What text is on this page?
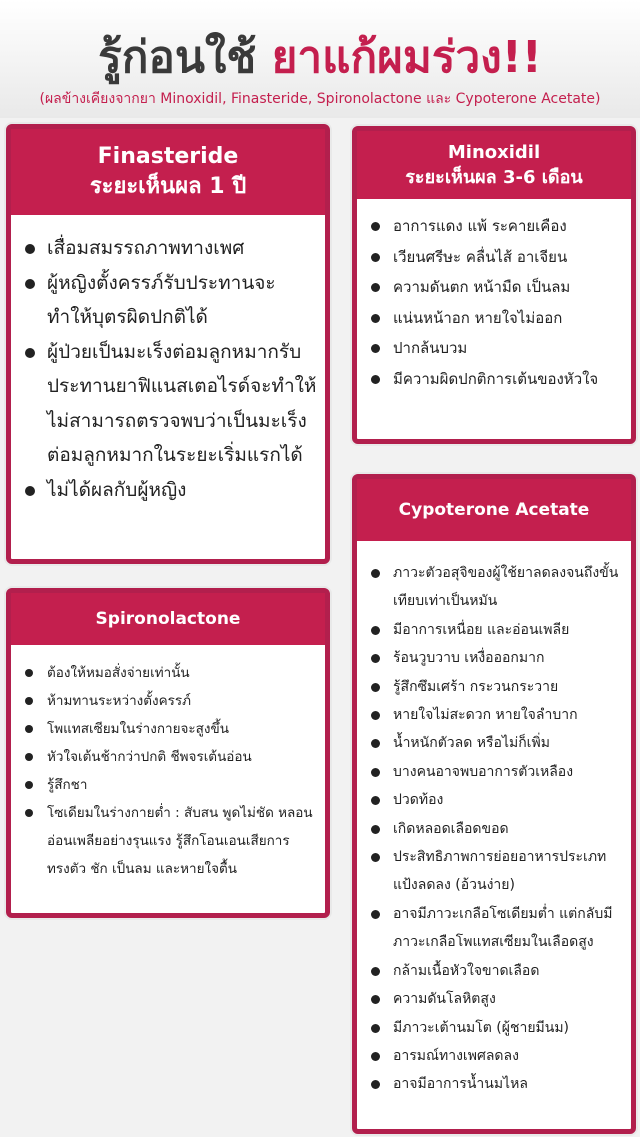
รู้ก่อนใช้ ยาแก้ผมร่วง!!
(ผลข้างเคียงจากยา Minoxidil, Finasteride, Spironolactone และ Cypoterone Acetate)
Finasteride
ระยะเห็นผล 1 ปี
เสื่อมสมรรถภาพทางเพศ
ผู้หญิงตั้งครรภ์รับประทานจะทำให้บุตรผิดปกติได้
ผู้ป่วยเป็นมะเร็งต่อมลูกหมากรับประทานยาฟิแนสเตอไรด์จะทำให้ไม่สามารถตรวจพบว่าเป็นมะเร็งต่อมลูกหมากในระยะเริ่มแรกได้
ไม่ได้ผลกับผู้หญิง
Minoxidil
ระยะเห็นผล 3-6 เดือน
อาการแดง แพ้ ระคายเคือง
เวียนศรีษะ คลื่นไส้ อาเจียน
ความดันตก หน้ามืด เป็นลม
แน่นหน้าอก หายใจไม่ออก
ปากล้นบวม
มีความผิดปกติการเต้นของหัวใจ
Spironolactone
ต้องให้หมอสั่งจ่ายเท่านั้น
ห้ามทานระหว่างตั้งครรภ์
โพแทสเซียมในร่างกายจะสูงขึ้น
หัวใจเต้นช้ากว่าปกติ ชีพจรเต้นอ่อน
รู้สึกชา
โซเดียมในร่างกายต่ำ : สับสน พูดไม่ชัด หลอน อ่อนเพลียอย่างรุนแรง รู้สึกโอนเอนเสียการทรงตัว ชัก เป็นลม และหายใจตื้น
Cypoterone Acetate
ภาวะตัวอสุจิของผู้ใช้ยาลดลงจนถึงขั้นเทียบเท่าเป็นหมัน
มีอาการเหนื่อย และอ่อนเพลีย
ร้อนวูบวาบ เหงื่อออกมาก
รู้สึกซึมเศร้า กระวนกระวาย
หายใจไม่สะดวก หายใจลำบาก
น้ำหนักตัวลด หรือไม่ก็เพิ่ม
บางคนอาจพบอาการตัวเหลือง
ปวดท้อง
เกิดหลอดเลือดขอด
ประสิทธิภาพการย่อยอาหารประเภทแป้งลดลง (อ้วนง่าย)
อาจมีภาวะเกลือโซเดียมต่ำ แต่กลับมีภาวะเกลือโพแทสเซียมในเลือดสูง
กล้ามเนื้อหัวใจขาดเลือด
ความดันโลหิตสูง
มีภาวะเต้านมโต (ผู้ชายมีนม)
อารมณ์ทางเพศลดลง
อาจมีอาการน้ำนมไหล
